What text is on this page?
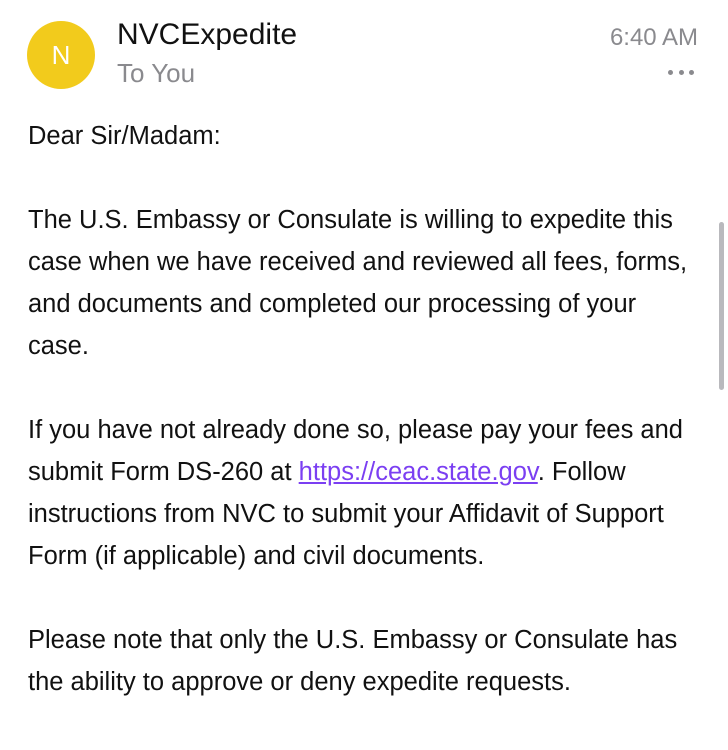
N
NVCExpedite
To You
6:40 AM

Dear Sir/Madam:

The U.S. Embassy or Consulate is willing to expedite this case when we have received and reviewed all fees, forms, and documents and completed our processing of your case.

If you have not already done so, please pay your fees and submit Form DS-260 at https://ceac.state.gov. Follow instructions from NVC to submit your Affidavit of Support Form (if applicable) and civil documents.

Please note that only the U.S. Embassy or Consulate has the ability to approve or deny expedite requests.
